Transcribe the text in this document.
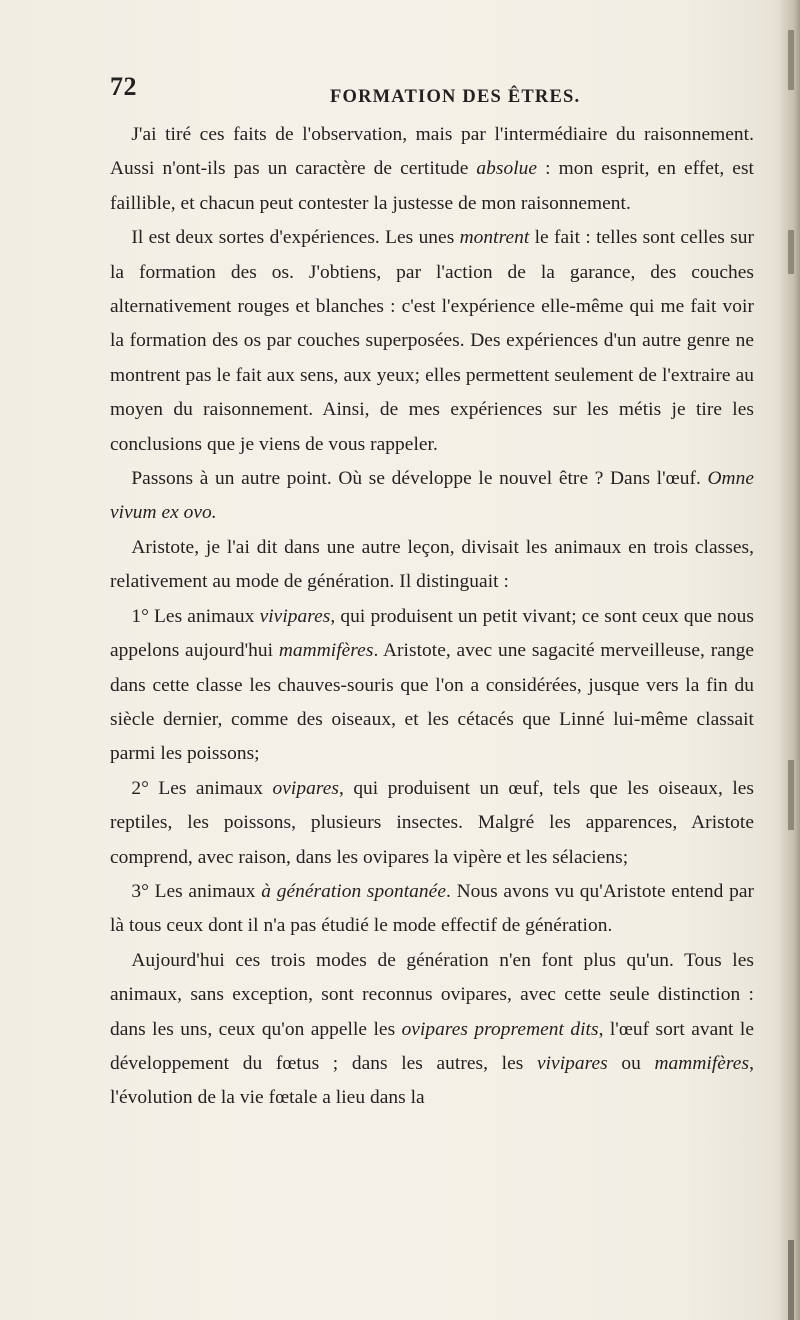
72	FORMATION DES ÊTRES.

J'ai tiré ces faits de l'observation, mais par l'intermédiaire du raisonnement. Aussi n'ont-ils pas un caractère de certitude absolue : mon esprit, en effet, est faillible, et chacun peut contester la justesse de mon raisonnement.

Il est deux sortes d'expériences. Les unes montrent le fait : telles sont celles sur la formation des os. J'obtiens, par l'action de la garance, des couches alternativement rouges et blanches : c'est l'expérience elle-même qui me fait voir la formation des os par couches superposées. Des expériences d'un autre genre ne montrent pas le fait aux sens, aux yeux; elles permettent seulement de l'extraire au moyen du raisonnement. Ainsi, de mes expériences sur les métis je tire les conclusions que je viens de vous rappeler.

Passons à un autre point. Où se développe le nouvel être ? Dans l'œuf. Omne vivum ex ovo.

Aristote, je l'ai dit dans une autre leçon, divisait les animaux en trois classes, relativement au mode de génération. Il distinguait :

1° Les animaux vivipares, qui produisent un petit vivant; ce sont ceux que nous appelons aujourd'hui mammifères. Aristote, avec une sagacité merveilleuse, range dans cette classe les chauves-souris que l'on a considérées, jusque vers la fin du siècle dernier, comme des oiseaux, et les cétacés que Linné lui-même classait parmi les poissons;

2° Les animaux ovipares, qui produisent un œuf, tels que les oiseaux, les reptiles, les poissons, plusieurs insectes. Malgré les apparences, Aristote comprend, avec raison, dans les ovipares la vipère et les sélaciens;

3° Les animaux à génération spontanée. Nous avons vu qu'Aristote entend par là tous ceux dont il n'a pas étudié le mode effectif de génération.

Aujourd'hui ces trois modes de génération n'en font plus qu'un. Tous les animaux, sans exception, sont reconnus ovipares, avec cette seule distinction : dans les uns, ceux qu'on appelle les ovipares proprement dits, l'œuf sort avant le développement du fœtus ; dans les autres, les vivipares ou mammifères, l'évolution de la vie fœtale a lieu dans la
